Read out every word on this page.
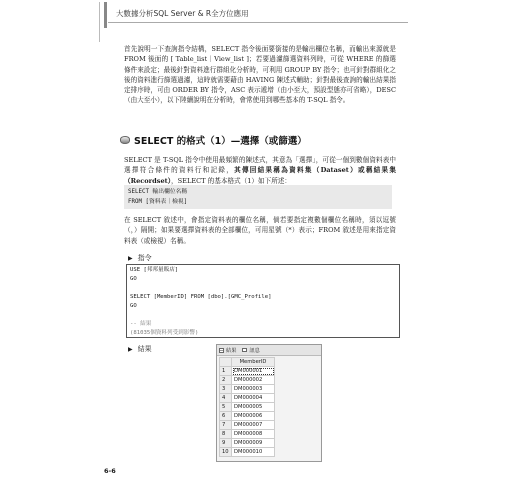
大數據分析SQL Server & R全方位應用

首先說明一下查詢指令結構，SELECT 指令後面要銜接的是輸出欄位名稱，而輸出來源就是 FROM 後面的 [ Table_list｜View_list ]；若要過濾篩選資料列時，可從 WHERE 的篩選條件來設定；最後針對資料進行群組化分析時，可利用 GROUP BY 指令；也可針對群組化之後的資料進行篩選過濾，這時就需要藉由 HAVING 陳述式輔助；針對最後查詢的輸出結果指定排序時，可由 ORDER BY 指令，ASC 表示遞增（由小至大，預設型態亦可省略），DESC（由大至小），以下陸續說明在分析時，會常使用到哪些基本的 T-SQL 指令。

SELECT 的格式（1）—選擇（或篩選）

SELECT 是 T-SQL 指令中使用最頻繁的陳述式，其意為「選擇」，可從一個到數個資料表中選擇符合條件的資料行和記錄，其傳回結果稱為資料集（Dataset）或稱結果集（Recordset），SELECT 的基本格式（1）如下所述：

SELECT 輸出欄位名稱
FROM [資料表｜檢視]

在 SELECT 敘述中，會指定資料表的欄位名稱，倘若要指定複數個欄位名稱時，須以逗號（，）隔開；如果要選擇資料表的全部欄位，可用星號（*）表示；FROM 敘述是用來指定資料表（或檢視）名稱。

▶ 指令
USE [邦邦量販店]
GO
SELECT [MemberID] FROM [dbo].[GMC_Profile]
GO
-- 結果
(81035個資料列受到影響)
▶ 結果	結果	訊息
	MemberID
1	DM000001
2	DM000002
3	DM000003
4	DM000004
5	DM000005
6	DM000006
7	DM000007
8	DM000008
9	DM000009
10	DM000010
6-6
